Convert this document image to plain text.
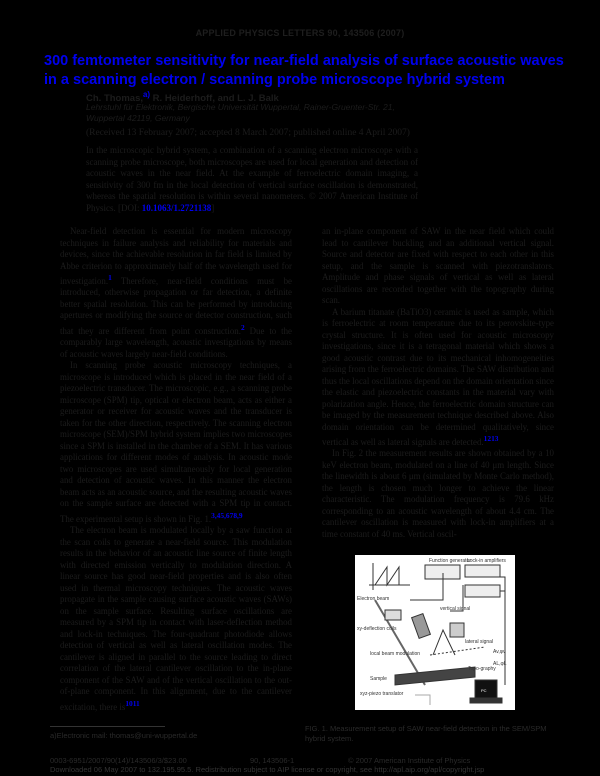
APPLIED PHYSICS LETTERS 90, 143506 (2007)
300 femtometer sensitivity for near-field analysis of surface acoustic waves in a scanning electron / scanning probe microscope hybrid system
Ch. Thomas,$^{a)}$ R. Heiderhoff, and L. J. Balk
Lehrstuhl für Elektronik, Bergische Universität Wuppertal, Rainer-Gruenter-Str. 21, Wuppertal 42119, Germany
(Received 13 February 2007; accepted 8 March 2007; published online 4 April 2007)
In the microscopic hybrid system, a combination of a scanning electron microscope with a scanning probe microscope, both microscopes are used for local generation and detection of acoustic waves in the near field. At the example of ferroelectric domain imaging, a sensitivity of 300 fm in the local detection of vertical surface oscillation is demonstrated, whereas the spatial resolution is within several nanometers. © 2007 American Institute of Physics. [DOI: 10.1063/1.2721138]

Near-field detection is essential for modern microscopy techniques in failure analysis and reliability for materials and devices, since the achievable resolution in far field is limited by Abbe criterion to approximately half of the wavelength used for investigation.$^1$ Therefore, near-field conditions must be introduced, otherwise propagation or far detection, a definite better spatial resolution. This can be performed by introducing apertures or modifying the source or detector construction, such that they are different from point construction.$^2$ Due to the comparably large wavelength, acoustic investigations by means of acoustic waves largely near-field conditions.

In scanning probe acoustic microscopy techniques, a microscope is introduced which is placed in the near field of a piezoelectric transducer. The microscopic, e.g., a scanning probe microscope (SPM) tip, optical or electron beam, acts as either a generator or receiver for acoustic waves and the transducer is taken for the other direction, respectively. The scanning electron microscope (SEM)/SPM hybrid system implies two microscopes since a SPM is installed in the chamber of a SEM. It has various applications for different modes of analysis. In acoustic mode two microscopes are used simultaneously for local generation and detection of acoustic waves. In this manner the electron beam acts as an acoustic source, and the resulting acoustic waves on the sample surface are detected with a SPM tip in contact. The experimental setup is shown in Fig. 1.$^{3,45,678,9}$

The electron beam is modulated locally by a saw function at the scan coils to generate a near-field source. This modulation results in the behavior of an acoustic line source of finite length with directed emission vertically to modulation direction. A linear source has good near-field properties and is also often used in thermal microscopy techniques. The acoustic waves propagate in the sample causing surface acoustic waves (SAWs) on the sample surface. Resulting surface oscillations are measured by a SPM tip in contact with laser-deflection method and lock-in techniques. The four-quadrant photodiode allows detection of vertical as well as lateral oscillation modes. The cantilever is aligned in parallel to the source leading to direct correlation of the lateral cantilever oscillation to the in-plane component of the SAW and of the vertical oscillation to the out-of-plane component. In this alignment, due to the cantilever excitation, there is$^{1011}$

an in-plane component of SAW in the near field which could lead to cantilever buckling and an additional vertical signal. Source and detector are fixed with respect to each other in this setup, and the sample is scanned with piezotranslators. Amplitude and phase signals of vertical as well as lateral oscillations are recorded together with the topography during scan.

A barium titanate (BaTiO3) ceramic is used as sample, which is ferroelectric at room temperature due to its perovskite-type crystal structure. It is often used for acoustic microscopy investigations, since it is a tetragonal material which shows a good acoustic contrast due to its mechanical inhomogeneities arising from the ferroelectric domains. The SAW distribution and thus the local oscillations depend on the domain orientation since the elastic and piezoelectric constants in the material vary with polarization angle. Hence, the ferroelectric domain structure can be imaged by the measurement technique described above. Also domain orientation can be determined qualitatively, since vertical as well as lateral signals are detected.$^{1213}$

In Fig. 2 the measurement results are shown obtained by a 10 keV electron beam, modulated on a line of 40 μm length. Since the linewidth is about 6 μm (simulated by Monte Carlo method), the length is chosen much longer to achieve the linear characteristic. The modulation frequency is 79.6 kHz corresponding to an acoustic wavelength of about 4.4 cm. The cantilever oscillation is measured with lock-in amplifiers at a time constant of 40 ms. Vertical oscil-

Function generator
Lock-in amplifiers
Electron beam
xy-deflection coils
vertical signal
lateral signal
local beam modulation
Sample
Topo-graphy
xyz-piezo translator
PC
Av,φv
AL,φL
FIG. 1. Measurement setup of SAW near-field detection in the SEM/SPM hybrid system.
a)Electronic mail: thomas@uni-wuppertal.de
0003-6951/2007/90(14)/143506/3/$23.00	90, 143506-1	© 2007 American Institute of Physics
Downloaded 06 May 2007 to 132.195.95.5. Redistribution subject to AIP license or copyright, see http://apl.aip.org/apl/copyright.jsp
